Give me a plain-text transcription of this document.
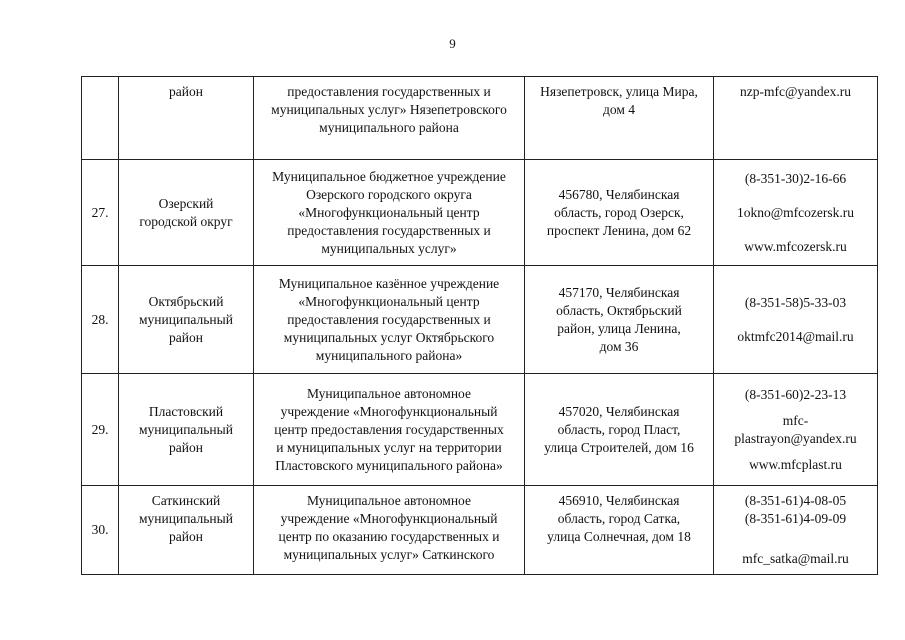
9

	район	предоставления государственных и
муниципальных услуг» Нязепетровского
муниципального района	Нязепетровск, улица Мира,
дом 4	nzp-mfc@yandex.ru

27.	Озерский
городской округ	Муниципальное бюджетное учреждение
Озерского городского округа
«Многофункциональный центр
предоставления государственных и
муниципальных услуг»	456780, Челябинская
область, город Озерск,
проспект Ленина, дом 62	(8-351-30)2-16-66
1okno@mfcozersk.ru
www.mfcozersk.ru

28.	Октябрьский
муниципальный
район	Муниципальное казённое учреждение
«Многофункциональный центр
предоставления государственных и
муниципальных услуг Октябрьского
муниципального района»	457170, Челябинская
область, Октябрьский
район, улица Ленина,
дом 36	(8-351-58)5-33-03
oktmfc2014@mail.ru

29.	Пластовский
муниципальный
район	Муниципальное автономное
учреждение «Многофункциональный
центр предоставления государственных
и муниципальных услуг на территории
Пластовского муниципального района»	457020, Челябинская
область, город Пласт,
улица Строителей, дом 16	(8-351-60)2-23-13
mfc-
plastrayon@yandex.ru
www.mfcplast.ru

30.	Саткинский
муниципальный
район	Муниципальное автономное
учреждение «Многофункциональный
центр по оказанию государственных и
муниципальных услуг» Саткинского	456910, Челябинская
область, город Сатка,
улица Солнечная, дом 18	(8-351-61)4-08-05
(8-351-61)4-09-09
mfc_satka@mail.ru
